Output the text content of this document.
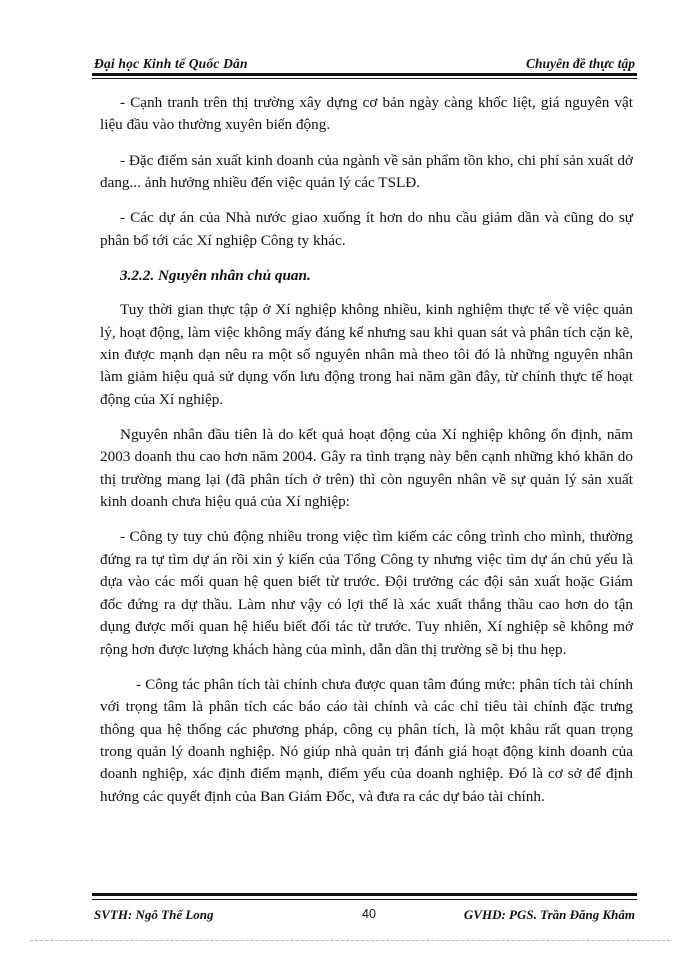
Đại học Kinh tế Quốc Dân	Chuyên đề thực tập

- Cạnh tranh trên thị trường xây dựng cơ bản ngày càng khốc liệt, giá nguyên vật liệu đầu vào thường xuyên biến động.

- Đặc điểm sản xuất kinh doanh của ngành về sản phẩm tồn kho, chi phí sản xuất dở dang... ảnh hưởng nhiều đến việc quản lý các TSLĐ.

- Các dự án của Nhà nước giao xuống ít hơn do nhu cầu giảm dần và cũng do sự phân bổ tới các Xí nghiệp Công ty khác.

3.2.2. Nguyên nhân chủ quan.

Tuy thời gian thực tập ở Xí nghiệp không nhiều, kinh nghiệm thực tế về việc quản lý, hoạt động, làm việc không mấy đáng kể nhưng sau khi quan sát và phân tích cặn kẽ, xin được mạnh dạn nêu ra một số nguyên nhân mà theo tôi đó là những nguyên nhân làm giảm hiệu quả sử dụng vốn lưu động trong hai năm gần đây, từ chính thực tế hoạt động của Xí nghiệp.

Nguyên nhân đầu tiên là do kết quả hoạt động của Xí nghiệp không ổn định, năm 2003 doanh thu cao hơn năm 2004. Gây ra tình trạng này bên cạnh những khó khăn do thị trường mang lại (đã phân tích ở trên) thì còn nguyên nhân về sự quản lý sản xuất kinh doanh chưa hiệu quả của Xí nghiệp:

- Công ty tuy chủ động nhiều trong việc tìm kiếm các công trình cho mình, thường đứng ra tự tìm dự án rồi xin ý kiến của Tổng Công ty nhưng việc tìm dự án chủ yếu là dựa vào các mối quan hệ quen biết từ trước. Đội trưởng các đội sản xuất hoặc Giám đốc đứng ra dự thầu. Làm như vậy có lợi thế là xác xuất thắng thầu cao hơn do tận dụng được mối quan hệ hiểu biết đối tác từ trước. Tuy nhiên, Xí nghiệp sẽ không mở rộng hơn được lượng khách hàng của mình, dẫn dần thị trường sẽ bị thu hẹp.

- Công tác phân tích tài chính chưa được quan tâm đúng mức: phân tích tài chính với trọng tâm là phân tích các báo cáo tài chính và các chỉ tiêu tài chính đặc trưng thông qua hệ thống các phương pháp, công cụ phân tích, là một khâu rất quan trọng trong quản lý doanh nghiệp. Nó giúp nhà quản trị đánh giá hoạt động kinh doanh của doanh nghiệp, xác định điểm mạnh, điểm yếu của doanh nghiệp. Đó là cơ sở để định hướng các quyết định của Ban Giám Đốc, và đưa ra các dự báo tài chính.

SVTH: Ngô Thế Long	40	GVHD: PGS. Trần Đăng Khâm
